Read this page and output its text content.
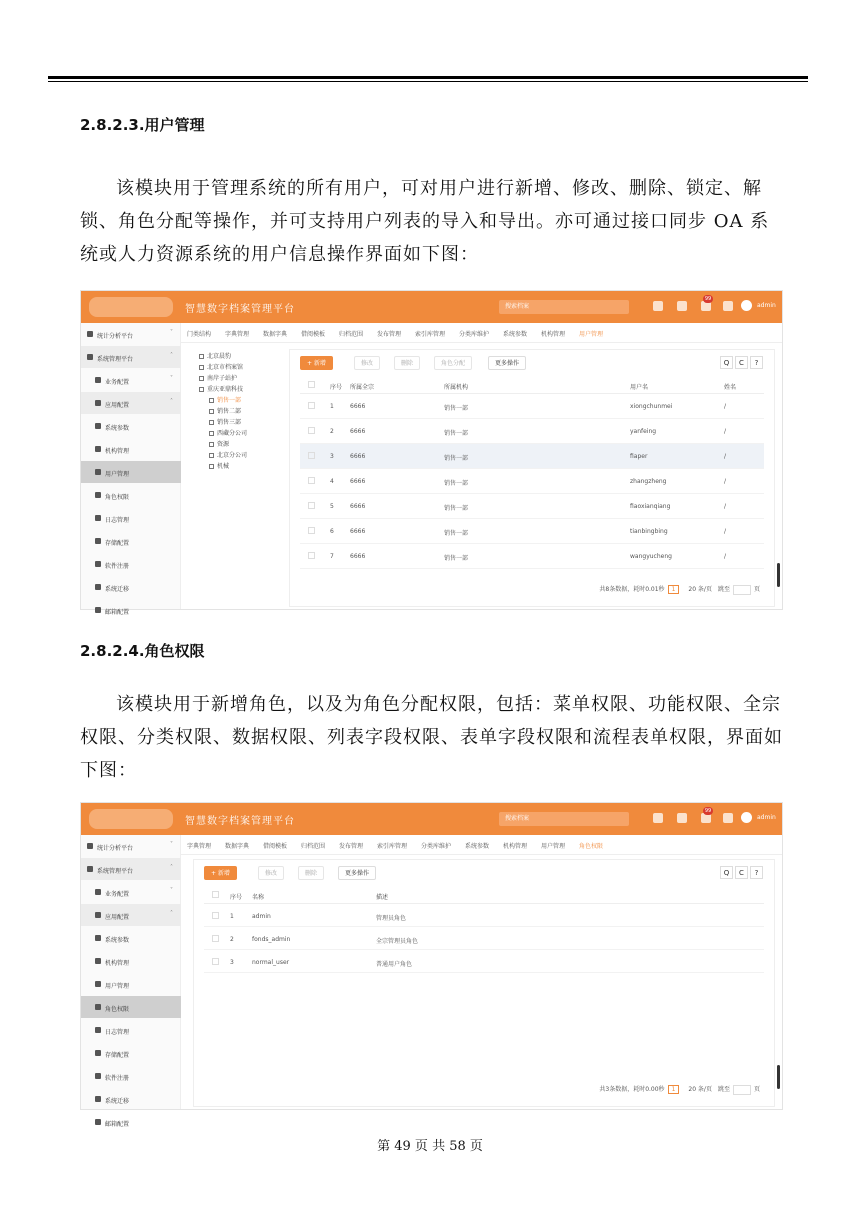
2.8.2.3.用户管理
该模块用于管理系统的所有用户，可对用户进行新增、修改、删除、锁定、解锁、角色分配等操作，并可支持用户列表的导入和导出。亦可通过接口同步 OA 系统或人力资源系统的用户信息操作界面如下图：
智慧数字档案管理平台	搜索档案
99
admin
门类结构 字典管理 数据字典 借阅模板 归档范围 发布管理 索引库管理 分类库维护 系统参数 机构管理 用户管理
统计分析平台
˅
系统管理平台
˄
业务配置
˅
应用配置
˄
系统参数
机构管理
用户管理
角色权限
日志管理
存储配置
软件注册
系统迁移
邮箱配置
北京晨豹
北京市档案馆
南岸子站护
重庆亚鼎科技
销售一部
销售二部
销售三部
西藏分公司
资源
北京分公司
机械
+ 新增	修改	删除	角色分配	更多操作	Q	C	?
序号 所属全宗	所属机构	用户名	姓名
1	6666	销售一部	xiongchunmei	/
2	6666	销售一部	yanfeing	/
3	6666	销售一部	fiaper	/
4	6666	销售一部	zhangzheng	/
5	6666	销售一部	fiaoxianqiang	/
6	6666	销售一部	tianbingbing	/
7	6666	销售一部	wangyucheng	/
共8条数据，耗时0.01秒 1 20 条/页 跳至	页
2.8.2.4.角色权限
该模块用于新增角色，以及为角色分配权限，包括：菜单权限、功能权限、全宗权限、分类权限、数据权限、列表字段权限、表单字段权限和流程表单权限，界面如下图：
智慧数字档案管理平台	搜索档案
99
admin
字典管理 数据字典 借阅模板 归档范围 发布管理 索引库管理 分类库维护 系统参数 机构管理 用户管理 角色权限
统计分析平台
˅
系统管理平台
˄
业务配置
˅
应用配置
˄
系统参数
机构管理
用户管理
角色权限
日志管理
存储配置
软件注册
系统迁移
邮箱配置
+ 新增	修改	删除	更多操作	Q	C	?
序号 名称	描述
1	admin	管理员角色
2	fonds_admin	全宗管理员角色
3	normal_user	普通用户角色
共3条数据，耗时0.00秒 1 20 条/页 跳至	页
第 49 页 共 58 页
